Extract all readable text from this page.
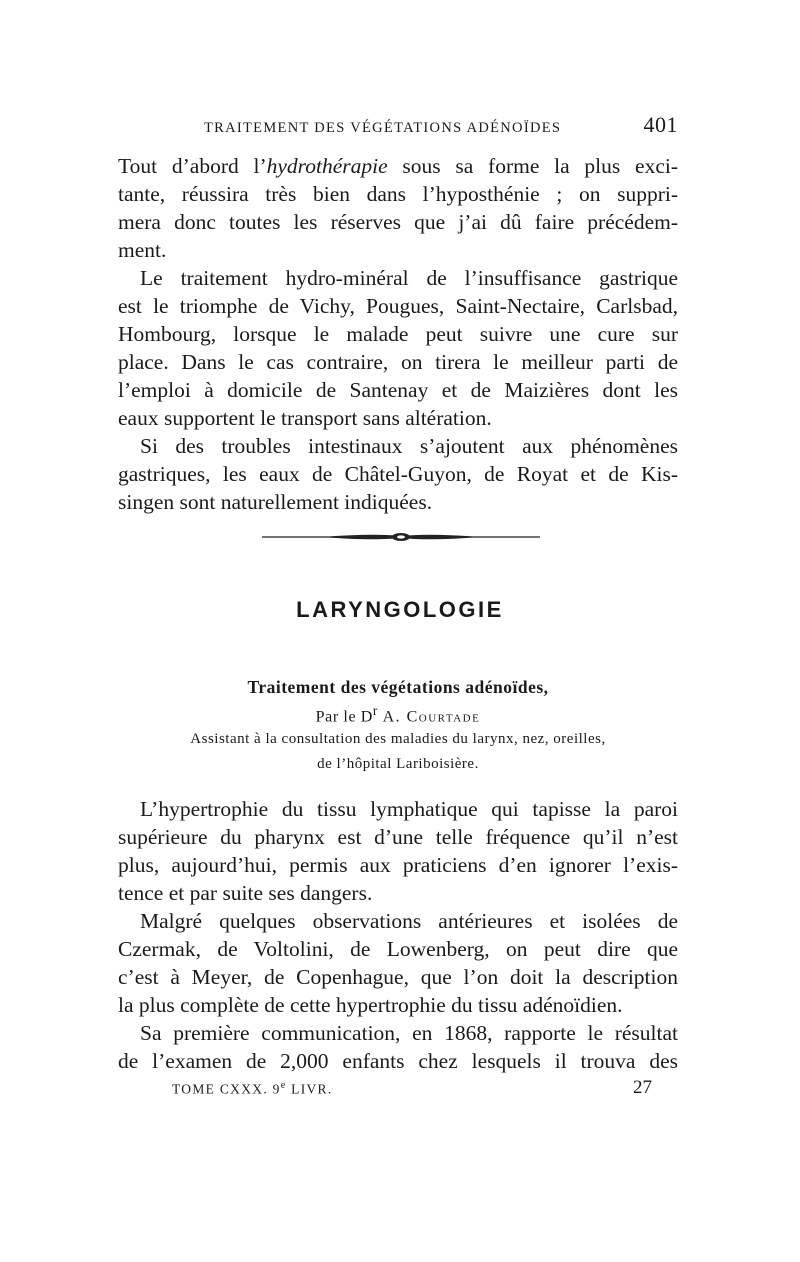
TRAITEMENT DES VÉGÉTATIONS ADÉNOÏDES	401
Tout d’abord l’hydrothérapie sous sa forme la plus exci-
tante, réussira très bien dans l’hyposthénie ; on suppri-
mera donc toutes les réserves que j’ai dû faire précédem-
ment.
Le traitement hydro-minéral de l’insuffisance gastrique
est le triomphe de Vichy, Pougues, Saint-Nectaire, Carlsbad,
Hombourg, lorsque le malade peut suivre une cure sur
place. Dans le cas contraire, on tirera le meilleur parti de
l’emploi à domicile de Santenay et de Maizières dont les
eaux supportent le transport sans altération.
Si des troubles intestinaux s’ajoutent aux phénomènes
gastriques, les eaux de Châtel-Guyon, de Royat et de Kis-
singen sont naturellement indiquées.
LARYNGOLOGIE
Traitement des végétations adénoïdes,
Par le $D^r$ A. Courtade
Assistant à la consultation des maladies du larynx, nez, oreilles,
de l’hôpital Lariboisière.
L’hypertrophie du tissu lymphatique qui tapisse la paroi
supérieure du pharynx est d’une telle fréquence qu’il n’est
plus, aujourd’hui, permis aux praticiens d’en ignorer l’exis-
tence et par suite ses dangers.
Malgré quelques observations antérieures et isolées de
Czermak, de Voltolini, de Lowenberg, on peut dire que
c’est à Meyer, de Copenhague, que l’on doit la description
la plus complète de cette hypertrophie du tissu adénoïdien.
Sa première communication, en 1868, rapporte le résultat
de l’examen de 2,000 enfants chez lesquels il trouva des
TOME CXXX. 9e LIVR.	27
